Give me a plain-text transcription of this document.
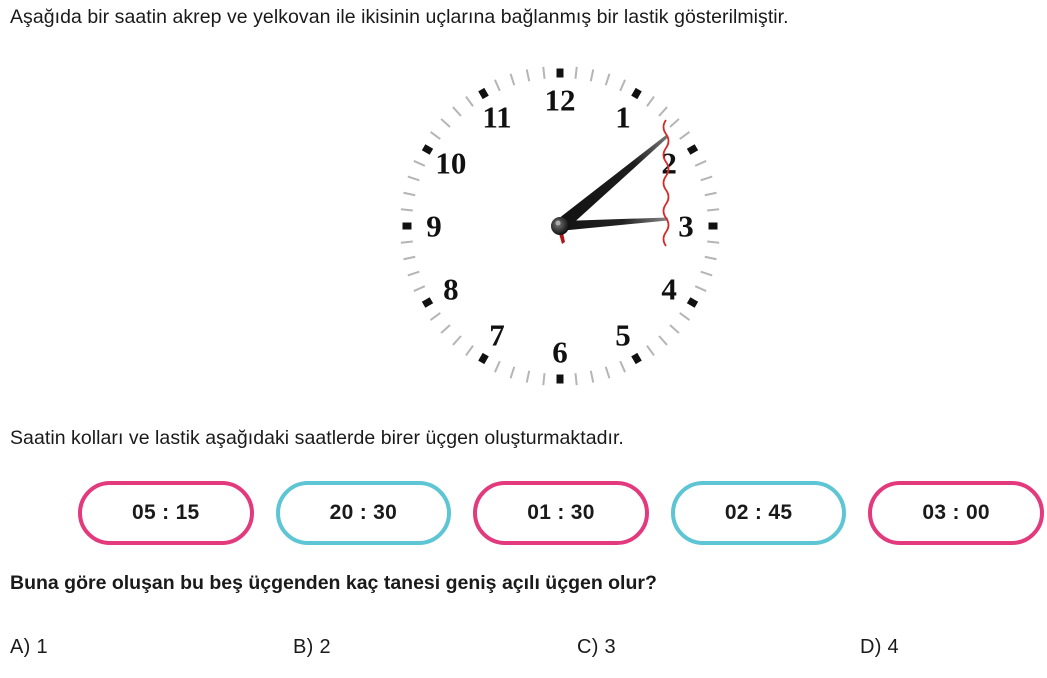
Aşağıda bir saatin akrep ve yelkovan ile ikisinin uçlarına bağlanmış bir lastik gösterilmiştir.

12 1
2
3
4
5
6
7
8
9
10
11

Saatin kolları ve lastik aşağıdaki saatlerde birer üçgen oluşturmaktadır.

05 : 15	20 : 30	01 : 30	02 : 45	03 : 00

Buna göre oluşan bu beş üçgenden kaç tanesi geniş açılı üçgen olur?

A) 1	B) 2	C) 3	D) 4
